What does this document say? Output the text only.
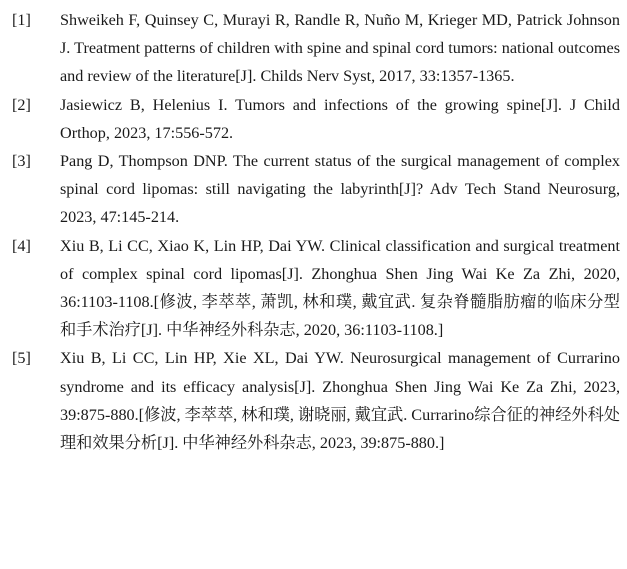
[1]	Shweikeh F, Quinsey C, Murayi R, Randle R, Nuño M, Krieger MD, Patrick Johnson J. Treatment patterns of children with spine and spinal cord tumors: national outcomes and review of the literature[J]. Childs Nerv Syst, 2017, 33:1357-1365.
[2]	Jasiewicz B, Helenius I. Tumors and infections of the growing spine[J]. J Child Orthop, 2023, 17:556-572.
[3]	Pang D, Thompson DNP. The current status of the surgical management of complex spinal cord lipomas: still navigating the labyrinth[J]? Adv Tech Stand Neurosurg, 2023, 47:145-214.
[4]	Xiu B, Li CC, Xiao K, Lin HP, Dai YW. Clinical classification and surgical treatment of complex spinal cord lipomas[J]. Zhonghua Shen Jing Wai Ke Za Zhi, 2020, 36:1103-1108.[修波, 李萃萃, 萧凯, 林和璞, 戴宜武. 复杂脊髓脂肪瘤的临床分型和手术治疗[J]. 中华神经外科杂志, 2020, 36:1103-1108.]
[5]	Xiu B, Li CC, Lin HP, Xie XL, Dai YW. Neurosurgical management of Currarino syndrome and its efficacy analysis[J]. Zhonghua Shen Jing Wai Ke Za Zhi, 2023, 39:875-880.[修波, 李萃萃, 林和璞, 谢晓丽, 戴宜武. Currarino综合征的神经外科处理和效果分析[J]. 中华神经外科杂志, 2023, 39:875-880.]
